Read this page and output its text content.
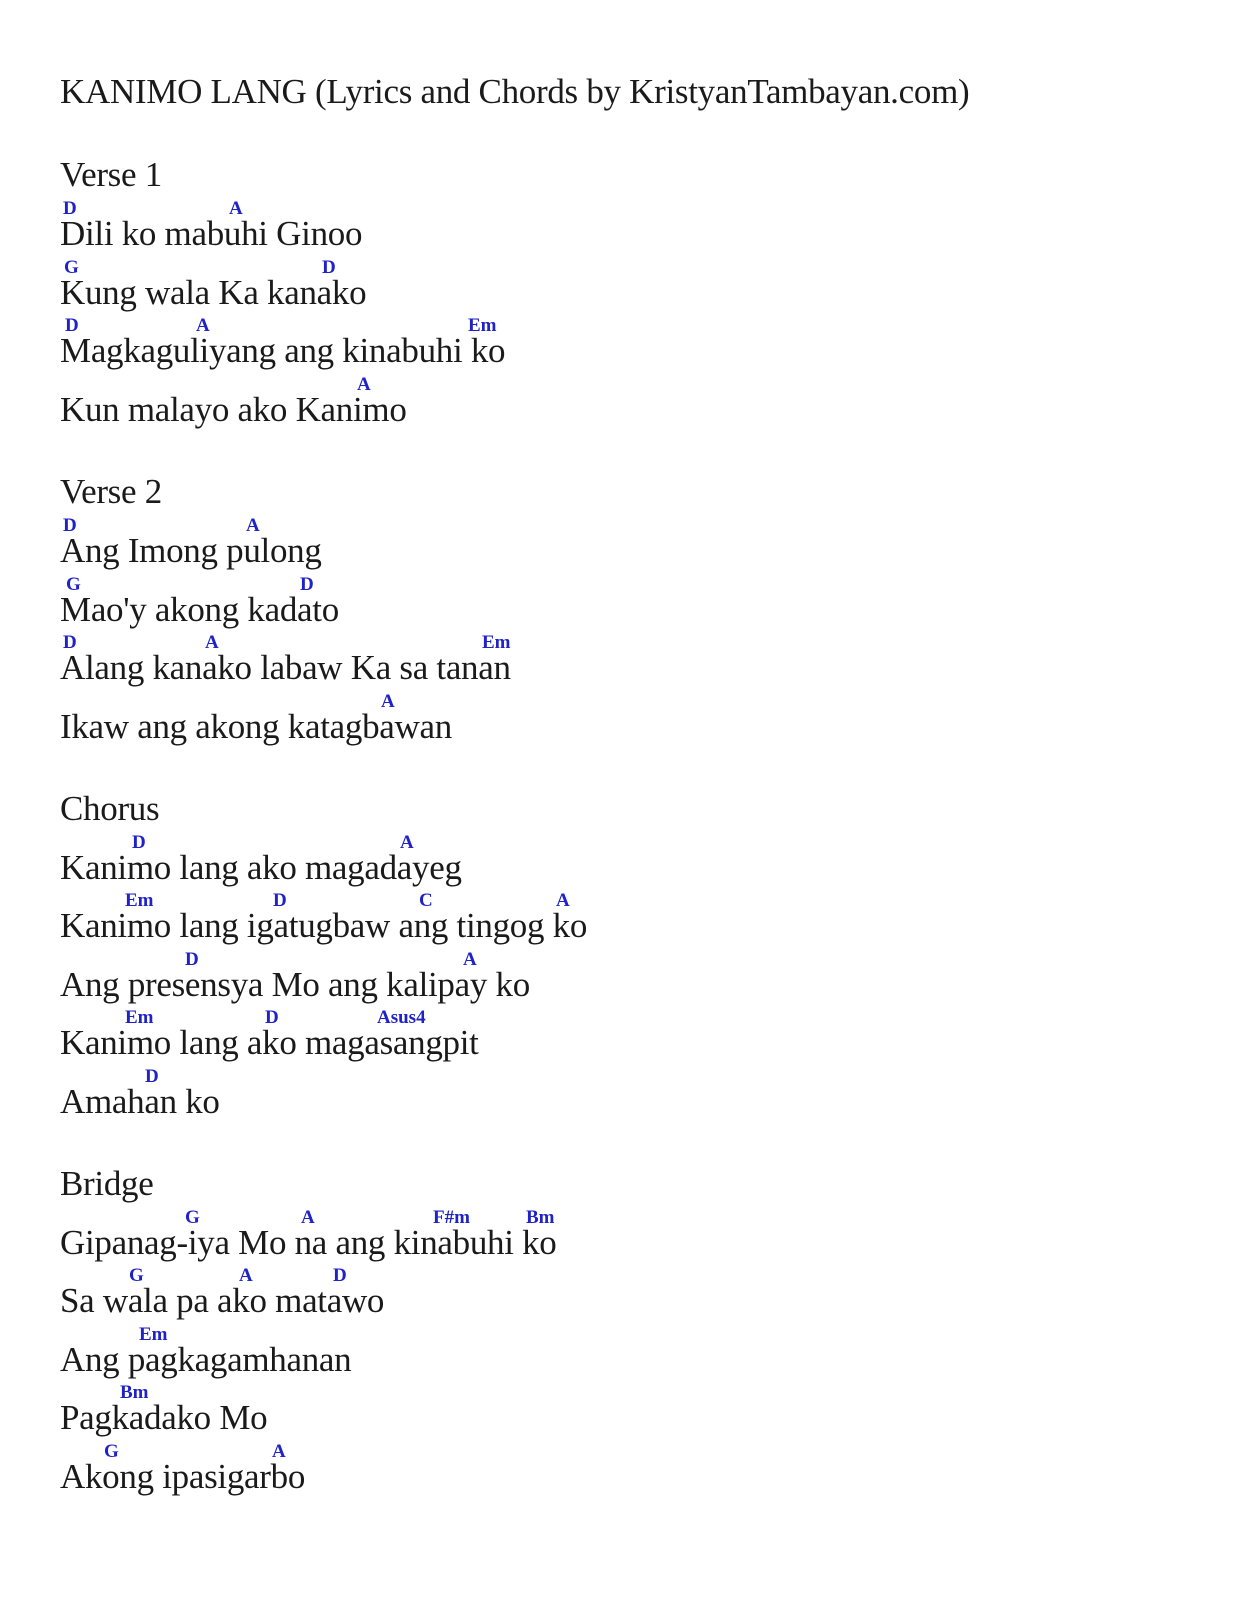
KANIMO LANG (Lyrics and Chords by KristyanTambayan.com)
Verse 1
D	A
Dili ko mabuhi Ginoo
G	D
Kung wala Ka kanako
D	A	Em
Magkaguliyang ang kinabuhi ko
A
Kun malayo ako Kanimo
Verse 2
D	A
Ang Imong pulong
G	D
Mao'y akong kadato
D	A	Em
Alang kanako labaw Ka sa tanan
A
Ikaw ang akong katagbawan
Chorus
D	A
Kanimo lang ako magadayeg
Em	D	C	A
Kanimo lang igatugbaw ang tingog ko
D	A
Ang presensya Mo ang kalipay ko
Em	D	Asus4
Kanimo lang ako magasangpit
D
Amahan ko
Bridge
G	A	F#m	Bm
Gipanag-iya Mo na ang kinabuhi ko
G	A	D
Sa wala pa ako matawo
Em
Ang pagkagamhanan
Bm
Pagkadako Mo
G	A
Akong ipasigarbo
